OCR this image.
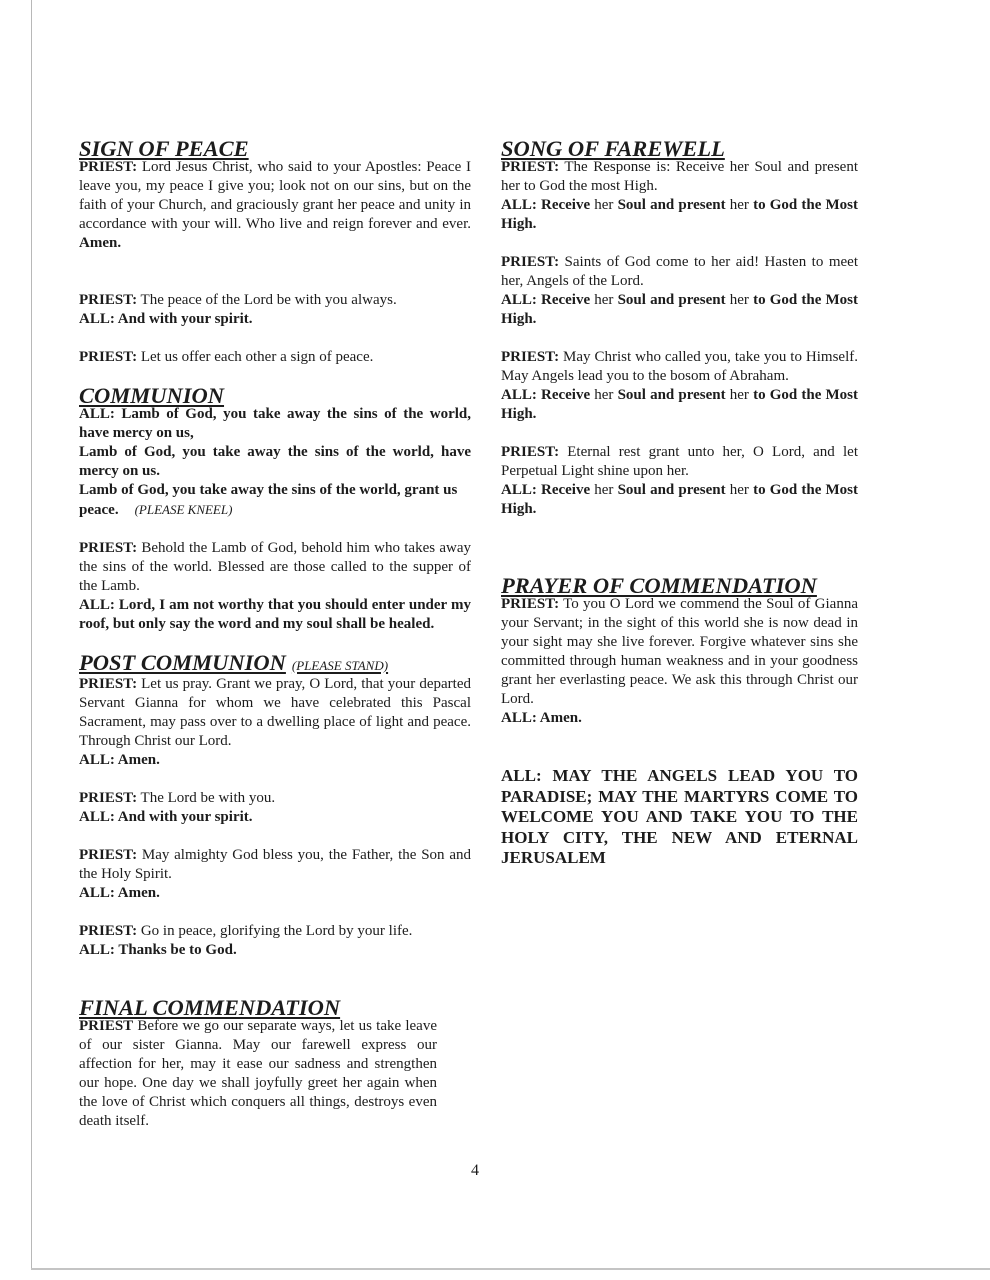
SIGN OF PEACE

PRIEST: Lord Jesus Christ, who said to your Apostles: Peace I leave you, my peace I give you; look not on our sins, but on the faith of your Church, and graciously grant her peace and unity in accordance with your will. Who live and reign forever and ever. Amen.

PRIEST: The peace of the Lord be with you always.

ALL: And with your spirit.

PRIEST: Let us offer each other a sign of peace.

COMMUNION

ALL: Lamb of God, you take away the sins of the world, have mercy on us,

Lamb of God, you take away the sins of the world, have mercy on us.

Lamb of God, you take away the sins of the world, grant us peace. (PLEASE KNEEL)

PRIEST: Behold the Lamb of God, behold him who takes away the sins of the world. Blessed are those called to the supper of the Lamb.

ALL: Lord, I am not worthy that you should enter under my roof, but only say the word and my soul shall be healed.

POST COMMUNION (PLEASE STAND)

PRIEST: Let us pray. Grant we pray, O Lord, that your departed Servant Gianna for whom we have celebrated this Pascal Sacrament, may pass over to a dwelling place of light and peace. Through Christ our Lord.

ALL: Amen.

PRIEST: The Lord be with you.

ALL: And with your spirit.

PRIEST: May almighty God bless you, the Father, the Son and the Holy Spirit.

ALL: Amen.

PRIEST: Go in peace, glorifying the Lord by your life.

ALL: Thanks be to God.

FINAL COMMENDATION

PRIEST Before we go our separate ways, let us take leave of our sister Gianna. May our farewell express our affection for her, may it ease our sadness and strengthen our hope. One day we shall joyfully greet her again when the love of Christ which conquers all things, destroys even death itself.

SONG OF FAREWELL

PRIEST: The Response is: Receive her Soul and present her to God the most High.

ALL: Receive her Soul and present her to God the Most High.

PRIEST: Saints of God come to her aid! Hasten to meet her, Angels of the Lord.

ALL: Receive her Soul and present her to God the Most High.

PRIEST: May Christ who called you, take you to Himself. May Angels lead you to the bosom of Abraham.

ALL: Receive her Soul and present her to God the Most High.

PRIEST: Eternal rest grant unto her, O Lord, and let Perpetual Light shine upon her.

ALL: Receive her Soul and present her to God the Most High.

PRAYER OF COMMENDATION

PRIEST: To you O Lord we commend the Soul of Gianna your Servant; in the sight of this world she is now dead in your sight may she live forever. Forgive whatever sins she committed through human weakness and in your goodness grant her everlasting peace. We ask this through Christ our Lord.

ALL: Amen.

ALL: MAY THE ANGELS LEAD YOU TO PARADISE; MAY THE MARTYRS COME TO WELCOME YOU AND TAKE YOU TO THE HOLY CITY, THE NEW AND ETERNAL JERUSALEM

4
